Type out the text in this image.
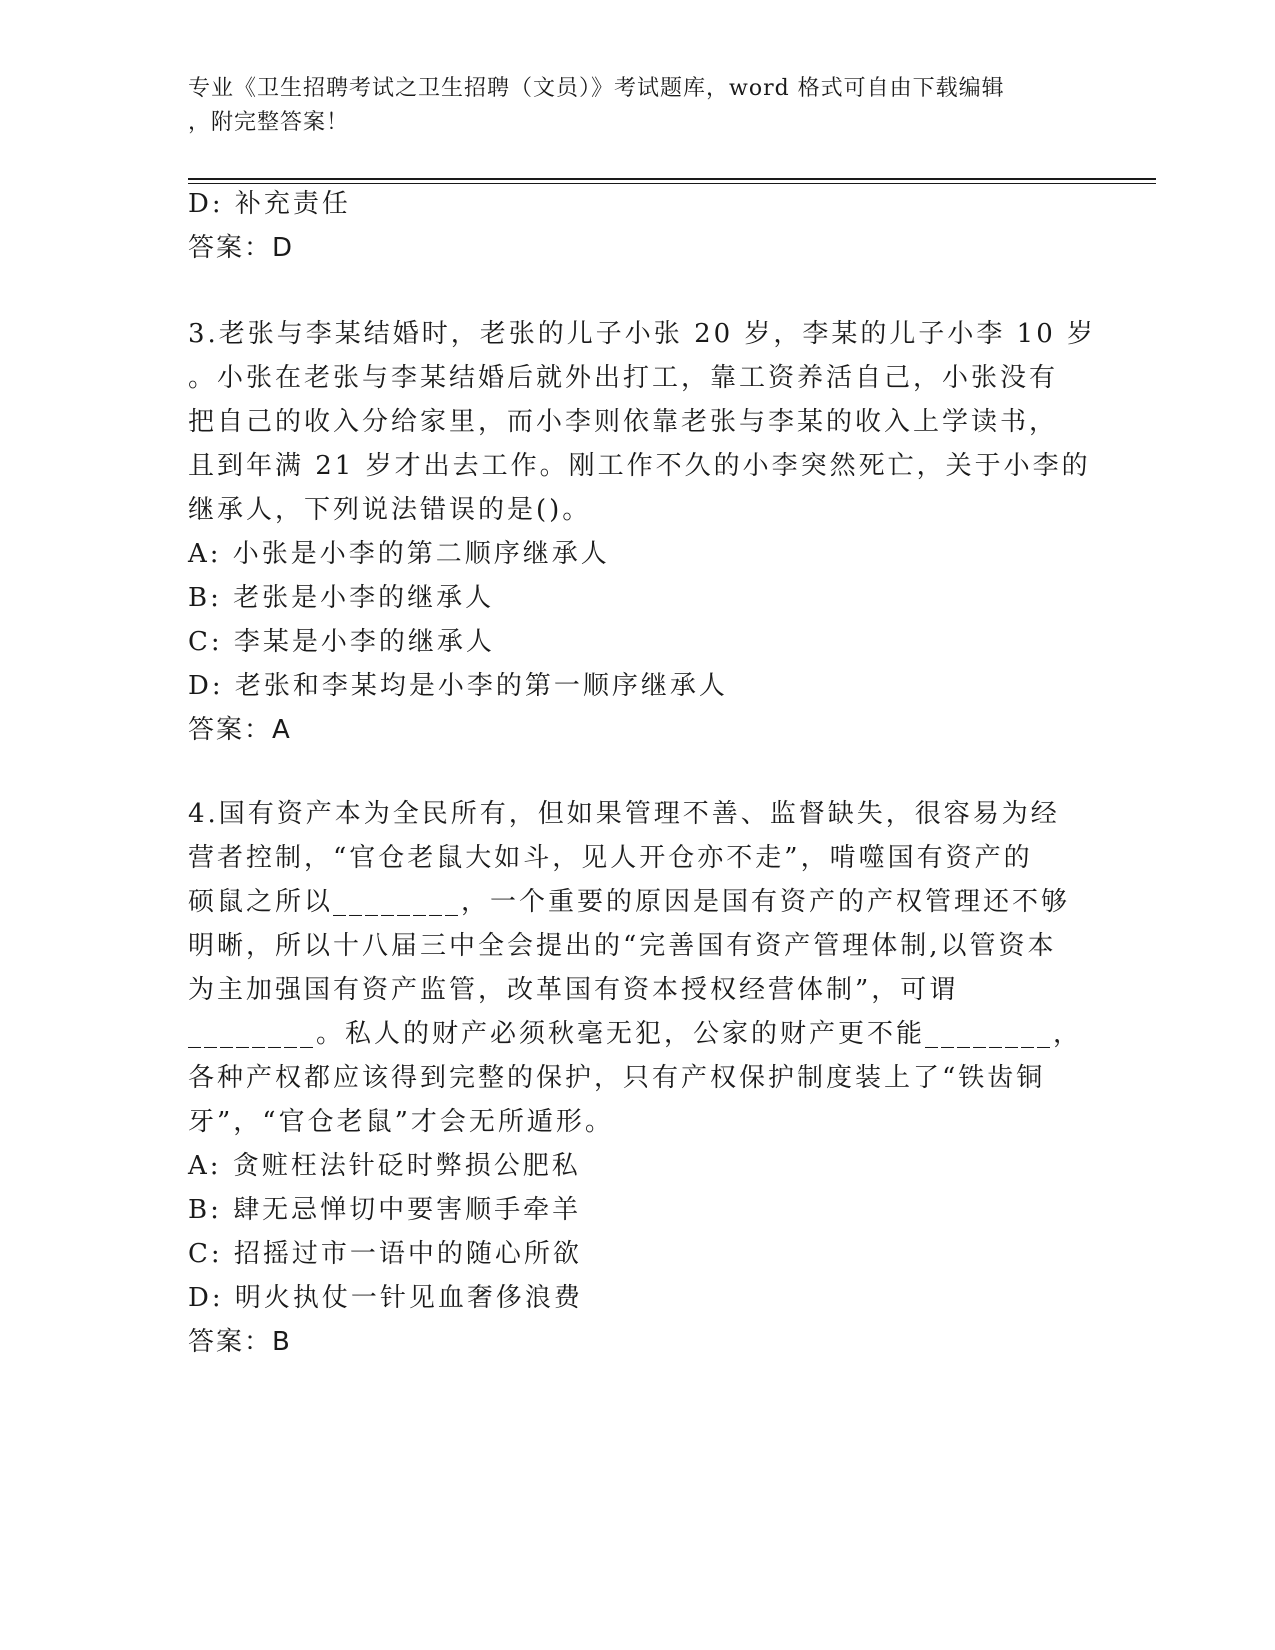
专业《卫生招聘考试之卫生招聘（文员）》考试题库，word 格式可自由下载编辑
，附完整答案！
D: 补充责任
答案：D
3.老张与李某结婚时，老张的儿子小张 20 岁，李某的儿子小李 10 岁
。小张在老张与李某结婚后就外出打工，靠工资养活自己，小张没有
把自己的收入分给家里，而小李则依靠老张与李某的收入上学读书，
且到年满 21 岁才出去工作。刚工作不久的小李突然死亡，关于小李的
继承人，下列说法错误的是()。
A: 小张是小李的第二顺序继承人
B: 老张是小李的继承人
C: 李某是小李的继承人
D: 老张和李某均是小李的第一顺序继承人
答案：A
4.国有资产本为全民所有，但如果管理不善、监督缺失，很容易为经
营者控制，“官仓老鼠大如斗，见人开仓亦不走”，啃噬国有资产的
硕鼠之所以________，一个重要的原因是国有资产的产权管理还不够
明晰，所以十八届三中全会提出的“完善国有资产管理体制,以管资本
为主加强国有资产监管，改革国有资本授权经营体制”，可谓
________。私人的财产必须秋毫无犯，公家的财产更不能________，
各种产权都应该得到完整的保护，只有产权保护制度装上了“铁齿铜
牙”，“官仓老鼠”才会无所遁形。
A: 贪赃枉法针砭时弊损公肥私
B: 肆无忌惮切中要害顺手牵羊
C: 招摇过市一语中的随心所欲
D: 明火执仗一针见血奢侈浪费
答案：B
